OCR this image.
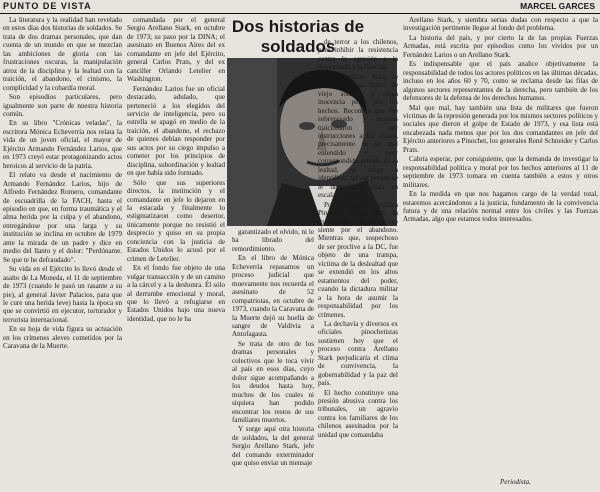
PUNTO DE VISTA	MARCEL GARCES
Dos historias de soldados

La literatura y la realidad han revelado en estos días dos historias de soldados. Se trata de dos dramas personales, que dan cuenta de un mundo en que se mezclan las ambiciones de gloria con las frustraciones oscuras, la manipulación atroz de la disciplina y la lealtad con la traición, el abandono, el cinismo, la complicidad y la cobardía moral.

Son episodios particulares, pero igualmente son parte de nuestra historia común.

En su libro "Crónicas veladas", la escritora Mónica Echeverría nos relata la vida de un joven oficial, el mayor de Ejército Armando Fernández Larios, que en 1973 creyó estar protagonizando actos heroicos al servicio de la patria.

El relato va desde el nacimiento de Armando Fernández Larios, hijo de Alfredo Fernández Romero, comandante de escuadrilla de la FACH, hasta el episodio en que, en forma traumática y el alma herida por la culpa y el abandono, entregándose por una larga y su institución se inclina en octubre de 1979 ante la mirada de un padre y dice en medio del llanto y el dolor: "Perdóname. Se que te he defraudado".

Su vida en el Ejército lo llevó desde el asalto de La Moneda, el 11 de septiembre de 1973 (cuando le pasó un rasante a su pie), al general Javier Palacios, para que le cure una herida leve) hasta la época en que se convirtió en ejecutor, torturador y terrorista internacional.

En su hoja de vida figura su actuación en los crímenes aleves cometidos por la Caravana de la Muerte.

comandada por el general Sergio Arellano Stark, en octubre de 1973; su paso por la DINA; el asesinato en Buenos Aires del ex comandante en jefe del Ejército, general Carlos Prats, y del ex canciller Orlando Letelier en Washington.

Fernández Larios fue un oficial destacado, adulado, que perteneció a los elegidos del servicio de inteligencia, pero su estrella se apagó en medio de la traición, el abandono, el rechazo de quienes debían responder por sus actos por su ciego impulso a cometer por los principios de disciplina, subordinación y lealtad en que había sido formado.

Sólo que sus superiores directos, la institución y el comandante en jefe lo dejaron en la estacada y finalmente lo estigmatizaron como desertor, únicamente porque no resistió el desprecio y quiso en su propia conciencia con la justicia de Estados Unidos lo acusó por el crimen de Letelier.

En el fondo fue objeto de una vulgar transacción y de un camino a la cárcel y a la deshonra. Él sólo al derrumbe emocional y moral, que lo llevó a refugiarse en Estados Unidos bajo una nueva identidad, que no le ha

garantizado el olvido, ni le ha librado del remordimiento.

En el libro de Mónica Echeverría repasamos un proceso judicial que muevamente nos recuerda el asesinato de 52 compatriotas, en octubre de 1973, cuando la Caravana de la Muerte dejó su huella de sangre de Valdivia a Antofagasta.

Se trata de otro de los dramas personales y colectivos que le toca vivir al país en esos días, cuyo dolor sigue acompañando a los deudos hasta hoy, muchos de los cuales ni siquiera han podido encontrar los restos de sus familiares muertos.

Y surge aquí otra historia de soldados, la del general Sergio Arellano Stark, jefe del comando exterminador que quiso enviar un mensaje

de terror a los chilenos, para inhibir la resistencia contra la agresión a la democracia y la libertad.

Hoy Arellano Stark se parapeta en su honor de viejo soldado y alega inocencia penal por los hechos. Reconoce que fue sobrepasado y quienes traicionaron por instrucciones a las cuales, precisamente en su mal entendido y peor correspondido sentido de la lealtad, se niega a identificar, tal vez porque se le derrumbaría toda su escala de valores.

Por la carta que le envió a Pinochet revela toda la frustración y el dolor que siente por el abandono. Mientras que, sospechoso de ser proclive a la DC, fue objeto de una trampa, víctima de la deslealtad que se extendió en los altos estamentos del poder, cuando la dictadura militar a la hora de asumir la responsabilidad por los crímenes.

La dechavía y diversos ex oficiales pinochetistas sostienen hoy que el proceso contra Arellano Stark perjudicaría el clima de convivencia, la gobernabilidad y la paz del país.

El hecho constituye una presión abusiva contra los tribunales, un agravio contra los familiares de los chilenos asesinados por la unidad que comandaba

Arellano Stark, y siembra serias dudas con respecto a que la investigación pertinente llegue al fondo del problema.

La historia del país, y por cierto la de las propias Fuerzas Armadas, está escrita por episodios como los vividos por un Fernández Larios o un Arellano Stark.

Es indispensable que el país analice objetivamente la responsabilidad de todos los actores políticos en las últimas décadas, incluso en los años 60 y 70, como se reclama desde las filas de algunos sectores representantes de la derecha, pero también de los defensores de la defensa de los derechos humanos.

Mal que mal, hay también una lista de militares que fueron víctimas de la represión generada por los mismos sectores políticos y sociales que dieron el golpe de Estado de 1973, y esa lista está encabezada nada menos que por los dos comandantes en jefe del Ejército anteriores a Pinochet, los generales René Schneider y Carlos Prats.

Cabría esperar, por consiguiente, que la demanda de investigar la responsabilidad política y moral por los hechos anteriores al 11 de septiembre de 1973 tomara en cuenta también a estos y otros militares.

En la medida en que nos hagamos cargo de la verdad total, estaremos acercándonos a la justicia, fundamento de la convivencia futura y de una relación normal entre los civiles y las Fuerzas Armadas, algo que estamos todos interesados.

Periodista.
